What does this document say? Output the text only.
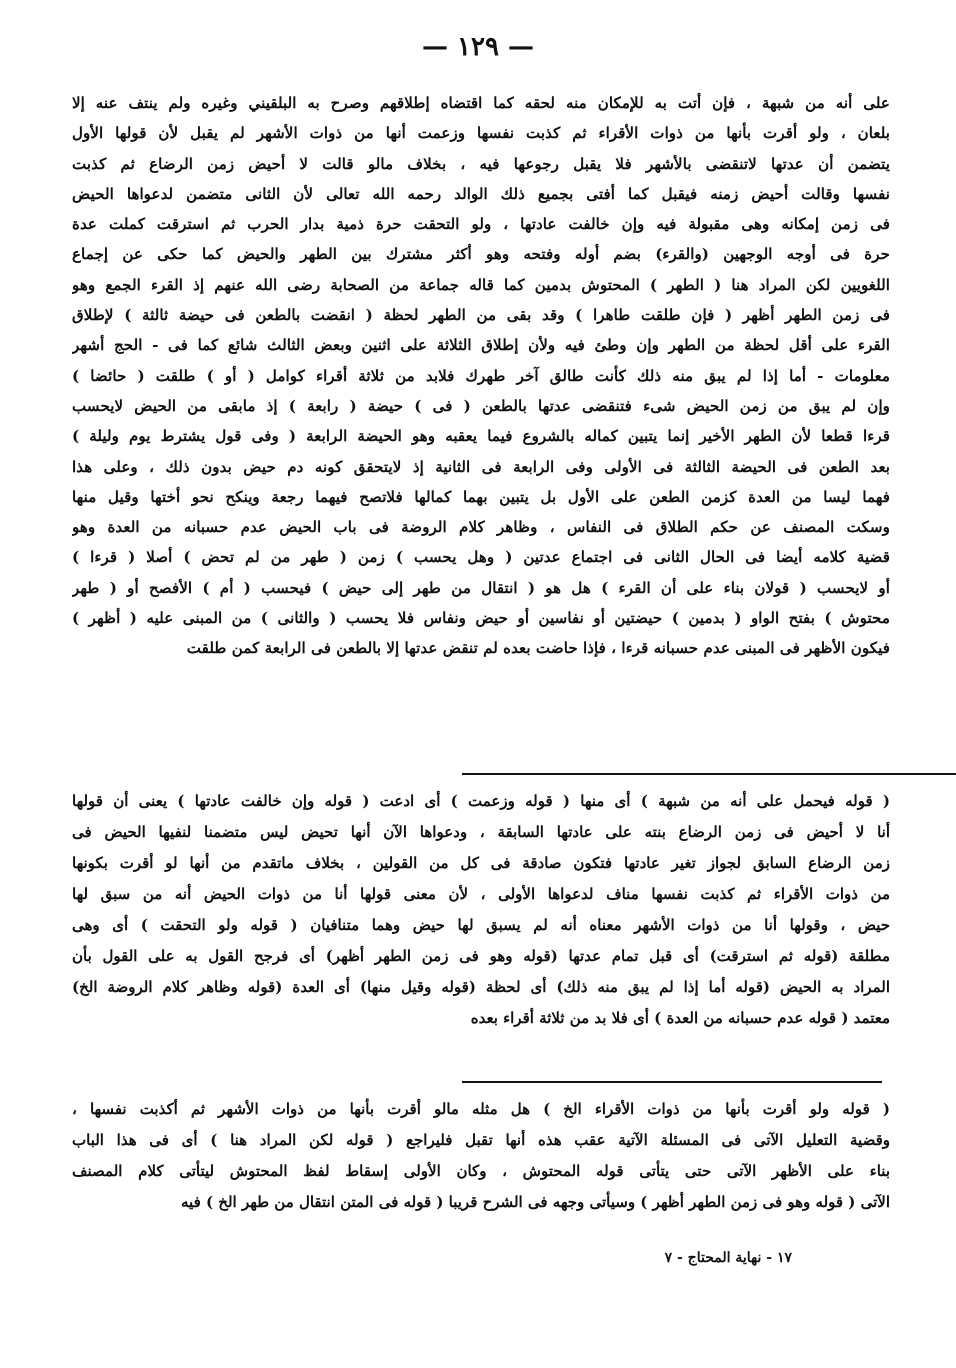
— ١٢٩ —
على أنه من شبهة ، فإن أتت به للإمكان منه لحقه كما اقتضاه إطلاقهم وصرح به البلقيني وغيره ولم ينتف عنه إلا
بلعان ، ولو أقرت بأنها من ذوات الأقراء ثم كذبت نفسها وزعمت أنها من ذوات الأشهر لم يقبل لأن قولها الأول
يتضمن أن عدتها لاتنقضى بالأشهر فلا يقبل رجوعها فيه ، بخلاف مالو قالت لا أحيض زمن الرضاع ثم كذبت
نفسها وقالت أحيض زمنه فيقبل كما أفتى بجميع ذلك الوالد رحمه الله تعالى لأن الثانى متضمن لدعواها الحيض
فى زمن إمكانه وهى مقبولة فيه وإن خالفت عادتها ، ولو التحقت حرة ذمية بدار الحرب ثم استرقت كملت عدة
حرة فى أوجه الوجهين (والقرء) بضم أوله وفتحه وهو أكثر مشترك بين الطهر والحيض كما حكى عن إجماع
اللغويين لكن المراد هنا ( الطهر ) المحتوش بدمين كما قاله جماعة من الصحابة رضى الله عنهم إذ القرء الجمع وهو
فى زمن الطهر أظهر ( فإن طلقت طاهرا ) وقد بقى من الطهر لحظة ( انقضت بالطعن فى حيضة ثالثة ) لإطلاق
القرء على أقل لحظة من الطهر وإن وطئ فيه ولأن إطلاق الثلاثة على اثنين وبعض الثالث شائع كما فى - الحج أشهر
معلومات - أما إذا لم يبق منه ذلك كأنت طالق آخر طهرك فلابد من ثلاثة أقراء كوامل ( أو ) طلقت ( حائضا )
وإن لم يبق من زمن الحيض شىء فتنقضى عدتها بالطعن ( فى ) حيضة ( رابعة ) إذ مابقى من الحيض لايحسب
قرءا قطعا لأن الطهر الأخير إنما يتبين كماله بالشروع فيما يعقبه وهو الحيضة الرابعة ( وفى قول يشترط يوم وليلة )
بعد الطعن فى الحيضة الثالثة فى الأولى وفى الرابعة فى الثانية إذ لايتحقق كونه دم حيض بدون ذلك ، وعلى هذا
فهما ليسا من العدة كزمن الطعن على الأول بل يتبين بهما كمالها فلاتصح فيهما رجعة وينكح نحو أختها وقيل منها
وسكت المصنف عن حكم الطلاق فى النفاس ، وظاهر كلام الروضة فى باب الحيض عدم حسبانه من العدة وهو
قضية كلامه أيضا فى الحال الثانى فى اجتماع عدتين ( وهل يحسب ) زمن ( طهر من لم تحض ) أصلا ( قرءا )
أو لايحسب ( قولان بناء على أن القرء ) هل هو ( انتقال من طهر إلى حيض ) فيحسب ( أم ) الأفصح أو ( طهر
محتوش ) بفتح الواو ( بدمين ) حيضتين أو نفاسين أو حيض ونفاس فلا يحسب ( والثانى ) من المبنى عليه ( أظهر )
فيكون الأظهر فى المبنى عدم حسبانه قرءا ، فإذا حاضت بعده لم تنقض عدتها إلا بالطعن فى الرابعة كمن طلقت
( قوله فيحمل على أنه من شبهة ) أى منها ( قوله وزعمت ) أى ادعت ( قوله وإن خالفت عادتها ) يعنى أن قولها
أنا لا أحيض فى زمن الرضاع بنته على عادتها السابقة ، ودعواها الآن أنها تحيض ليس متضمنا لنفيها الحيض فى
زمن الرضاع السابق لجواز تغير عادتها فتكون صادقة فى كل من القولين ، بخلاف ماتقدم من أنها لو أقرت بكونها
من ذوات الأقراء ثم كذبت نفسها مناف لدعواها الأولى ، لأن معنى قولها أنا من ذوات الحيض أنه من سبق لها
حيض ، وقولها أنا من ذوات الأشهر معناه أنه لم يسبق لها حيض وهما متنافيان ( قوله ولو التحقت ) أى وهى
مطلقة (قوله ثم استرقت) أى قبل تمام عدتها (قوله وهو فى زمن الطهر أظهر) أى فرجح القول به على القول بأن
المراد به الحيض (قوله أما إذا لم يبق منه ذلك) أى لحظة (قوله وقيل منها) أى العدة (قوله وظاهر كلام الروضة الخ)
معتمد ( قوله عدم حسبانه من العدة ) أى فلا بد من ثلاثة أقراء بعده
( قوله ولو أقرت بأنها من ذوات الأقراء الخ ) هل مثله مالو أقرت بأنها من ذوات الأشهر ثم أكذبت نفسها ،
وقضية التعليل الآتى فى المسئلة الآتية عقب هذه أنها تقبل فليراجع ( قوله لكن المراد هنا ) أى فى هذا الباب
بناء على الأظهر الآتى حتى يتأتى قوله المحتوش ، وكان الأولى إسقاط لفظ المحتوش ليتأتى كلام المصنف
الآتى ( قوله وهو فى زمن الطهر أظهر ) وسيأتى وجهه فى الشرح قريبا ( قوله فى المتن انتقال من طهر الخ ) فيه
١٧ - نهاية المحتاج - ٧
